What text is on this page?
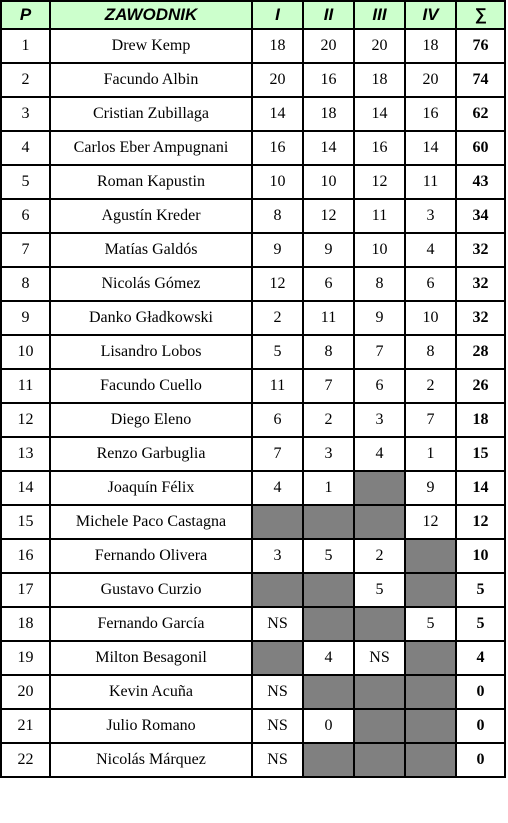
P	ZAWODNIK	I	II	III	IV	∑
1	Drew Kemp	18	20	20	18	76
2	Facundo Albin	20	16	18	20	74
3	Cristian Zubillaga	14	18	14	16	62
4	Carlos Eber Ampugnani	16	14	16	14	60
5	Roman Kapustin	10	10	12	11	43
6	Agustín Kreder	8	12	11	3	34
7	Matías Galdós	9	9	10	4	32
8	Nicolás Gómez	12	6	8	6	32
9	Danko Gładkowski	2	11	9	10	32
10	Lisandro Lobos	5	8	7	8	28
11	Facundo Cuello	11	7	6	2	26
12	Diego Eleno	6	2	3	7	18
13	Renzo Garbuglia	7	3	4	1	15
14	Joaquín Félix	4	1		9	14
15	Michele Paco Castagna				12	12
16	Fernando Olivera	3	5	2		10
17	Gustavo Curzio			5		5
18	Fernando García	NS			5	5
19	Milton Besagonil		4	NS		4
20	Kevin Acuña	NS				0
21	Julio Romano	NS	0			0
22	Nicolás Márquez	NS				0
